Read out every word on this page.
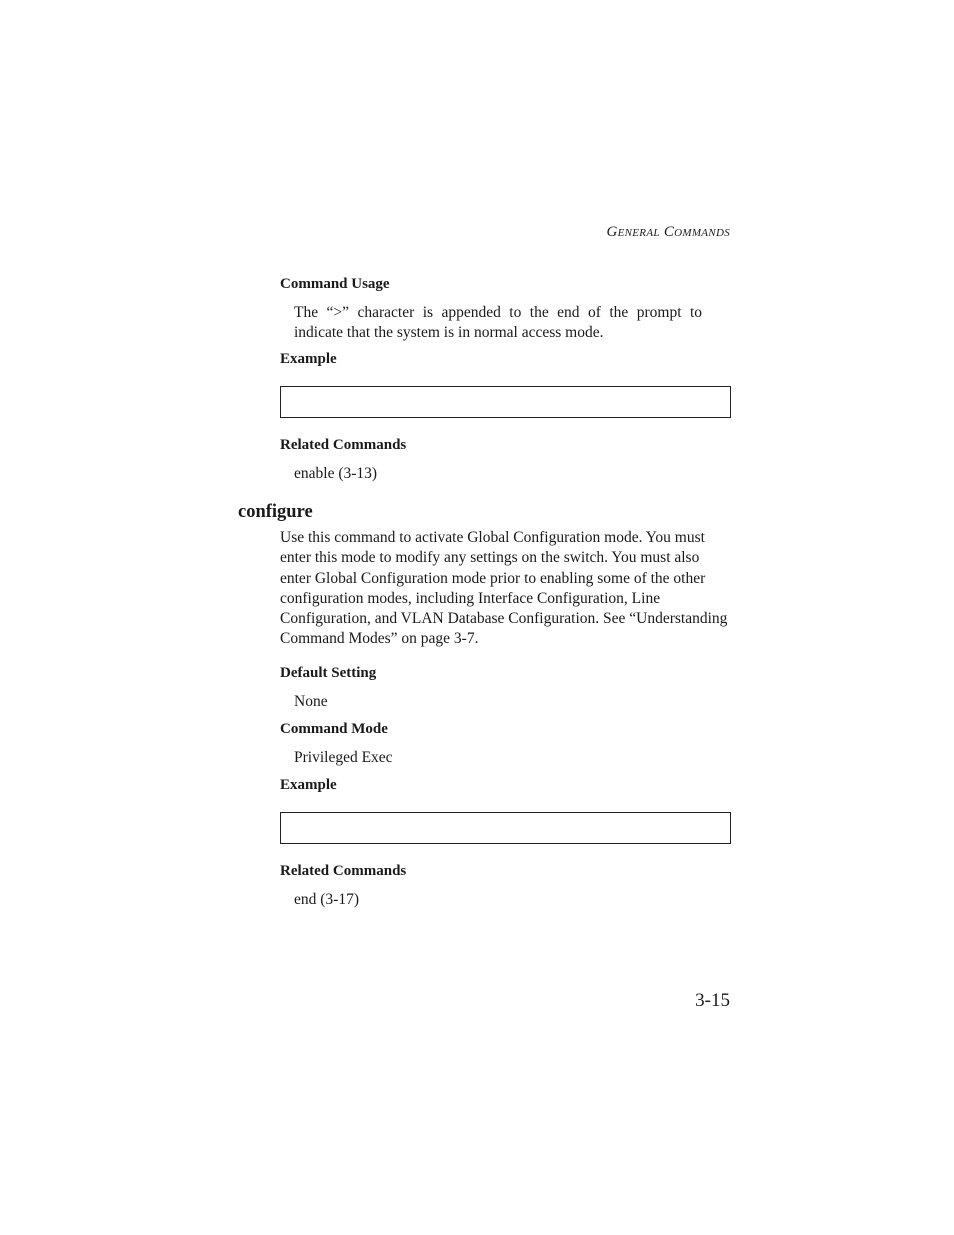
General Commands
Command Usage
The “>” character is appended to the end of the prompt to indicate that the system is in normal access mode.
Example
Related Commands
enable (3-13)
configure
Use this command to activate Global Configuration mode. You must enter this mode to modify any settings on the switch. You must also enter Global Configuration mode prior to enabling some of the other configuration modes, including Interface Configuration, Line Configuration, and VLAN Database Configuration. See “Understanding Command Modes” on page 3-7.
Default Setting
None
Command Mode
Privileged Exec
Example
Related Commands
end (3-17)
3-15
